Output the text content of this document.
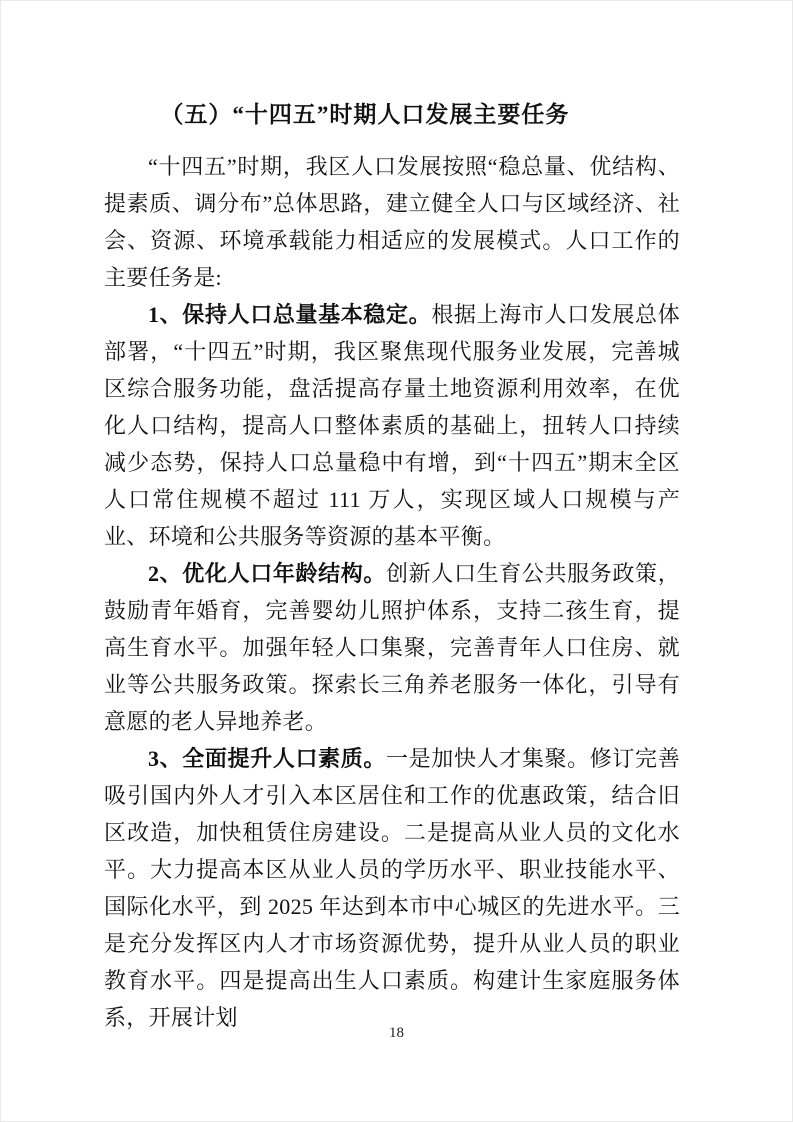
（五）“十四五”时期人口发展主要任务

“十四五”时期，我区人口发展按照“稳总量、优结构、提素质、调分布”总体思路，建立健全人口与区域经济、社会、资源、环境承载能力相适应的发展模式。人口工作的主要任务是:

1、保持人口总量基本稳定。根据上海市人口发展总体部署，“十四五”时期，我区聚焦现代服务业发展，完善城区综合服务功能，盘活提高存量土地资源利用效率，在优化人口结构，提高人口整体素质的基础上，扭转人口持续减少态势，保持人口总量稳中有增，到“十四五”期末全区人口常住规模不超过 111 万人，实现区域人口规模与产业、环境和公共服务等资源的基本平衡。

2、优化人口年龄结构。创新人口生育公共服务政策，鼓励青年婚育，完善婴幼儿照护体系，支持二孩生育，提高生育水平。加强年轻人口集聚，完善青年人口住房、就业等公共服务政策。探索长三角养老服务一体化，引导有意愿的老人异地养老。

3、全面提升人口素质。一是加快人才集聚。修订完善吸引国内外人才引入本区居住和工作的优惠政策，结合旧区改造，加快租赁住房建设。二是提高从业人员的文化水平。大力提高本区从业人员的学历水平、职业技能水平、国际化水平，到 2025 年达到本市中心城区的先进水平。三是充分发挥区内人才市场资源优势，提升从业人员的职业教育水平。四是提高出生人口素质。构建计生家庭服务体系，开展计划

18
